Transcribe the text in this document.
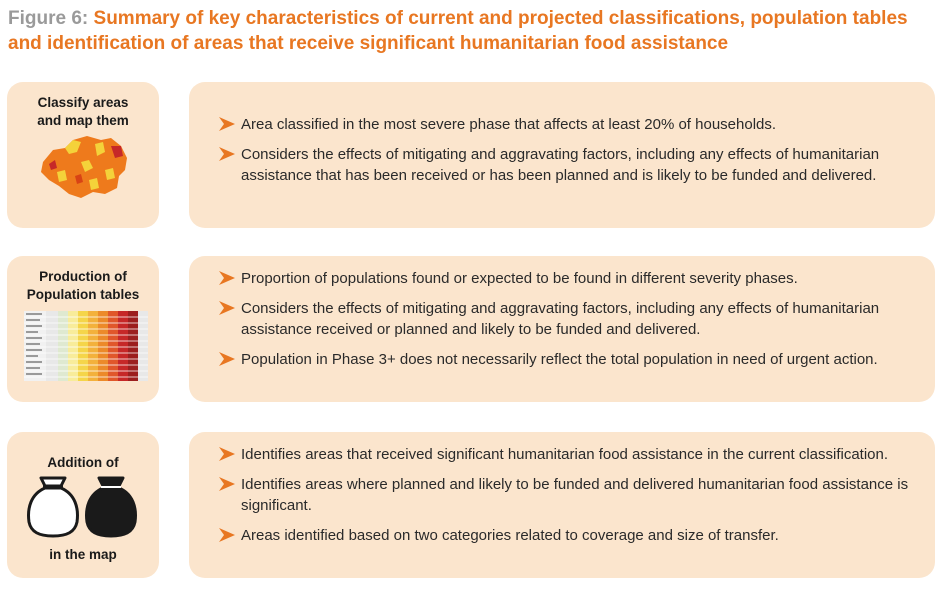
Figure 6: Summary of key characteristics of current and projected classifications, population tables and identification of areas that receive significant humanitarian food assistance
Classify areas
and map them	Area classified in the most severe phase that affects at least 20% of households.
Considers the effects of mitigating and aggravating factors, including any effects of humanitarian assistance that has been received or has been planned and is likely to be funded and delivered.
Production of
Population tables
Proportion of populations found or expected to be found in different severity phases.
Considers the effects of mitigating and aggravating factors, including any effects of humanitarian assistance received or planned and likely to be funded and delivered.
Population in Phase 3+ does not necessarily reflect the total population in need of urgent action.
Addition of
in the map
Identifies areas that received significant humanitarian food assistance in the current classification.
Identifies areas where planned and likely to be funded and delivered humanitarian food assistance is significant.
Areas identified based on two categories related to coverage and size of transfer.
